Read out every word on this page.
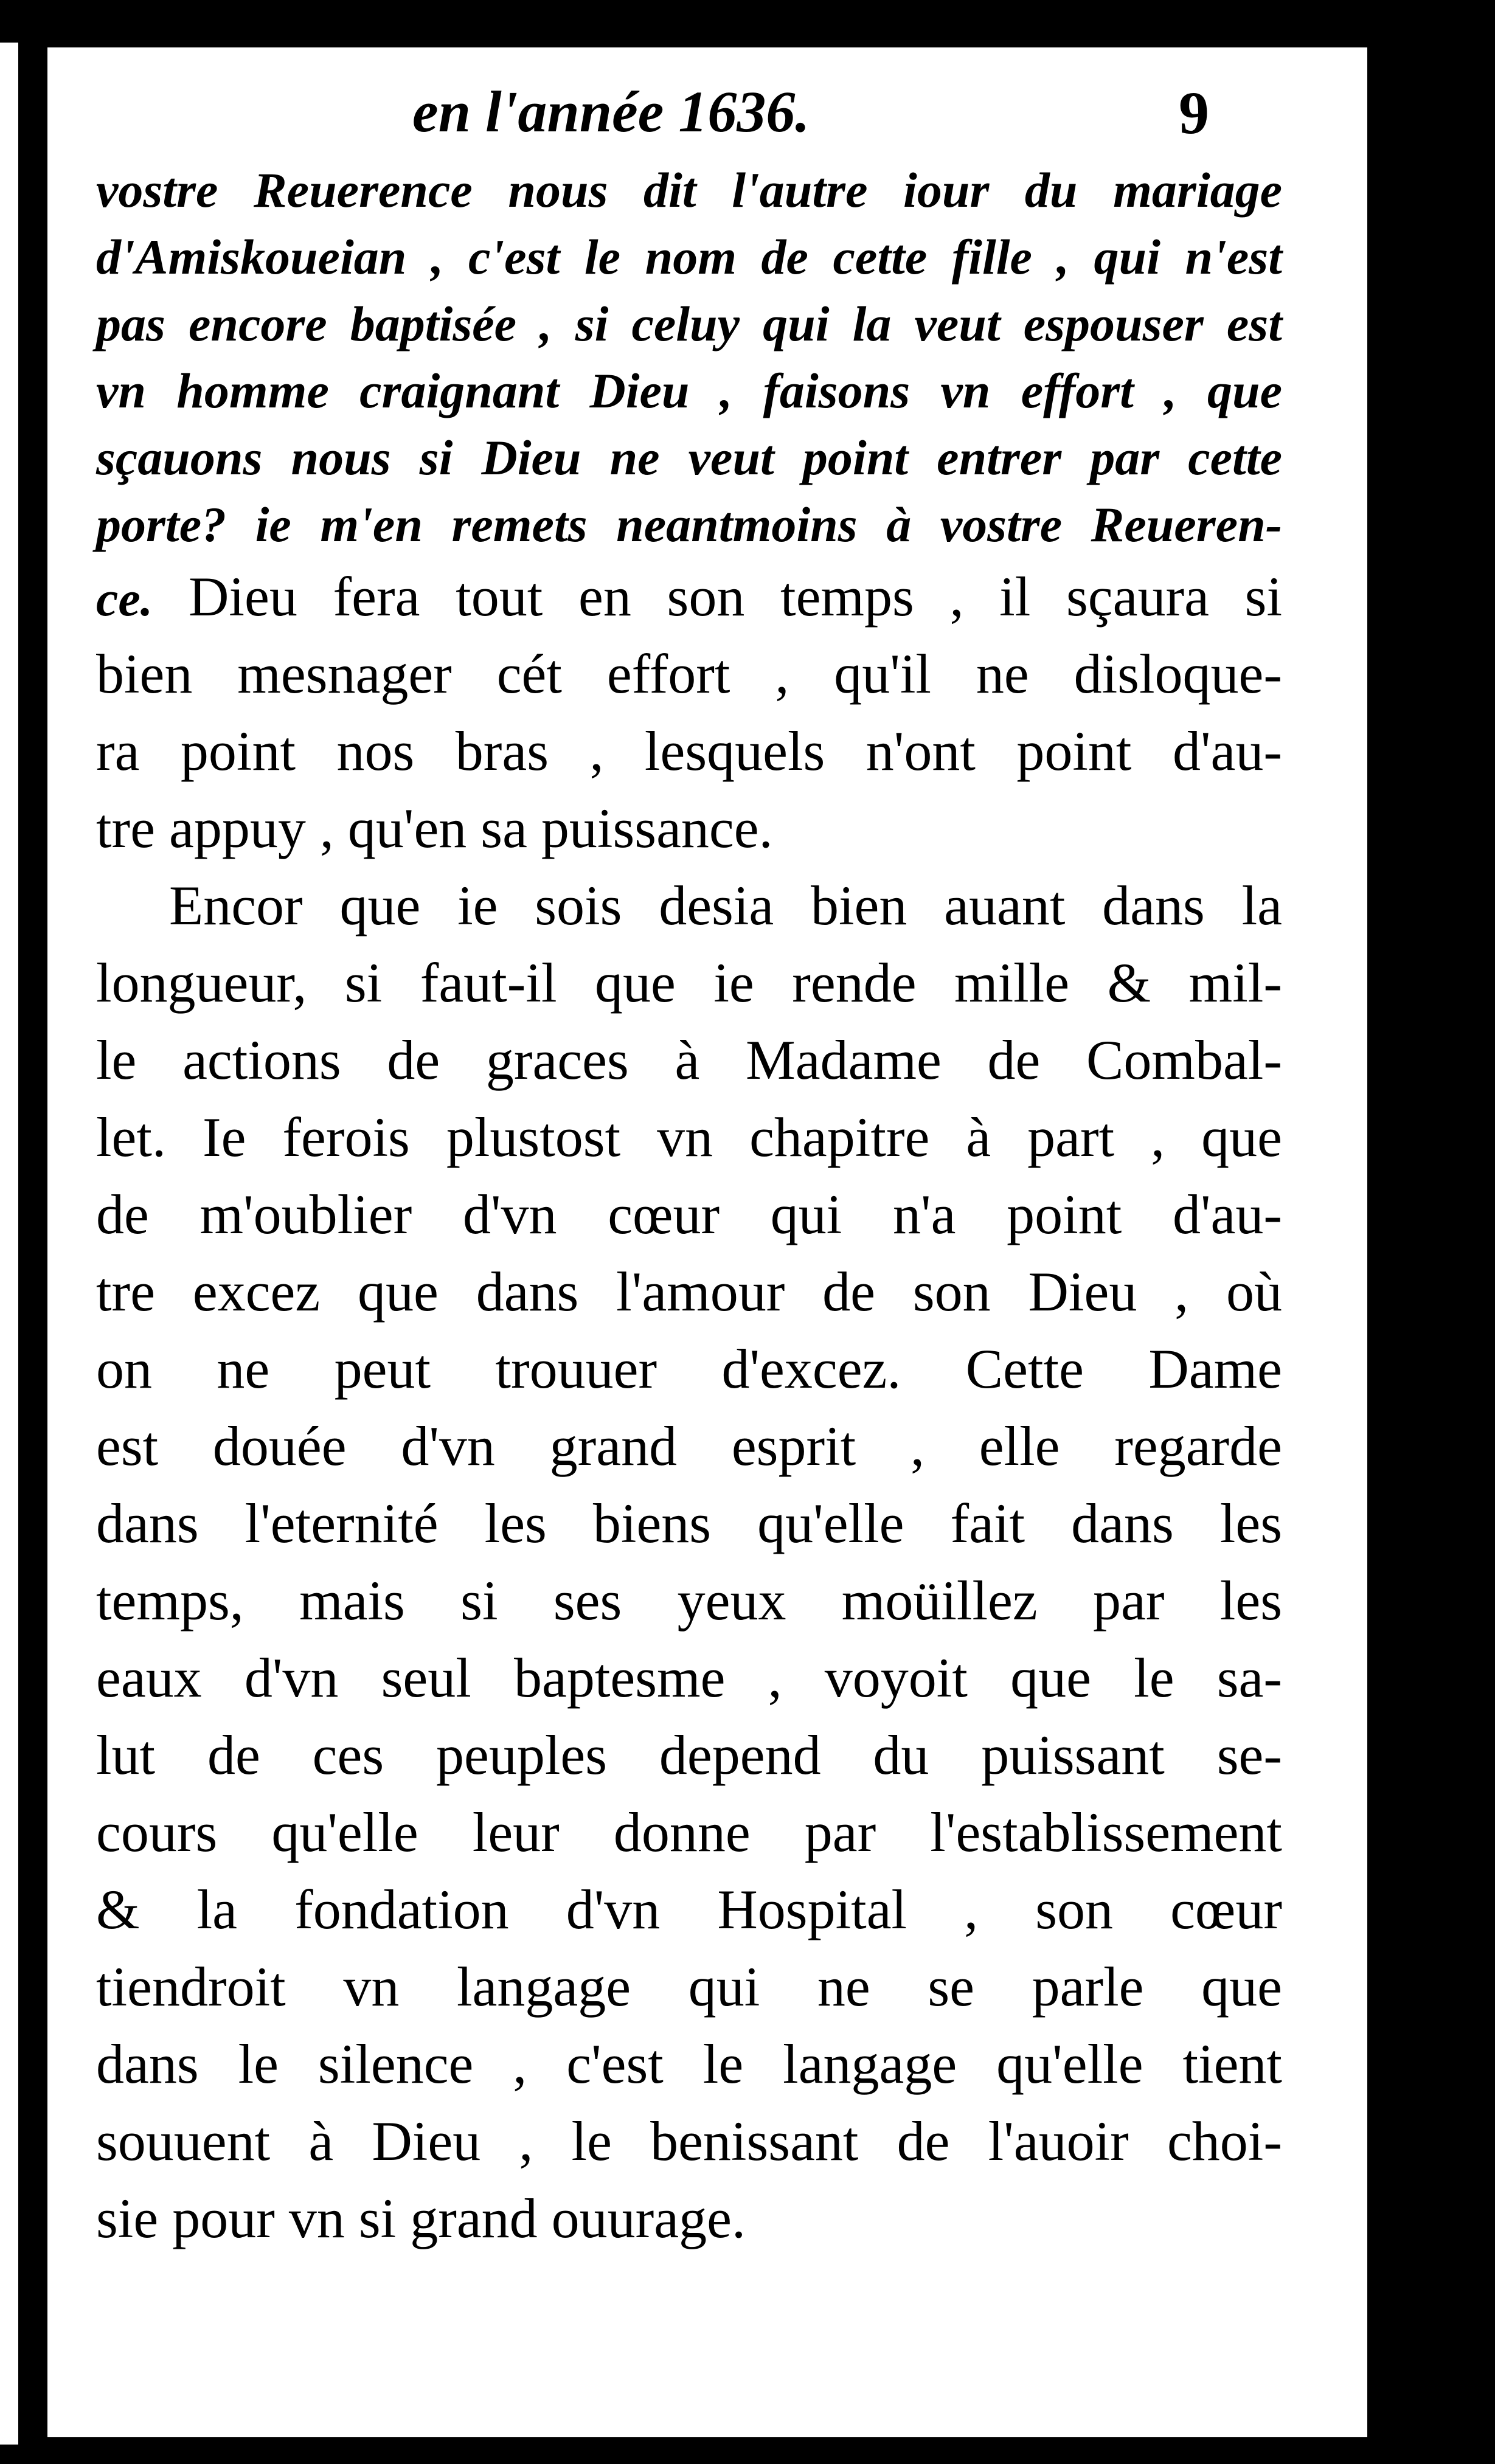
en l'année 1636.	9
vostre Reuerence nous dit l'autre iour du mariage
d'Amiskoueian , c'est le nom de cette fille , qui n'est
pas encore baptisée , si celuy qui la veut espouser est
vn homme craignant Dieu , faisons vn effort , que
sçauons nous si Dieu ne veut point entrer par cette
porte? ie m'en remets neantmoins à vostre Reueren-
ce. Dieu fera tout en son temps , il sçaura si
bien mesnager cét effort , qu'il ne disloque-
ra point nos bras , lesquels n'ont point d'au-
tre appuy , qu'en sa puissance.
Encor que ie sois desia bien auant dans la
longueur, si faut-il que ie rende mille & mil-
le actions de graces à Madame de Combal-
let. Ie ferois plustost vn chapitre à part , que
de m'oublier d'vn cœur qui n'a point d'au-
tre excez que dans l'amour de son Dieu , où
on ne peut trouuer d'excez. Cette Dame
est douée d'vn grand esprit , elle regarde
dans l'eternité les biens qu'elle fait dans les
temps, mais si ses yeux moüillez par les
eaux d'vn seul baptesme , voyoit que le sa-
lut de ces peuples depend du puissant se-
cours qu'elle leur donne par l'establissement
& la fondation d'vn Hospital , son cœur
tiendroit vn langage qui ne se parle que
dans le silence , c'est le langage qu'elle tient
souuent à Dieu , le benissant de l'auoir choi-
sie pour vn si grand ouurage.
